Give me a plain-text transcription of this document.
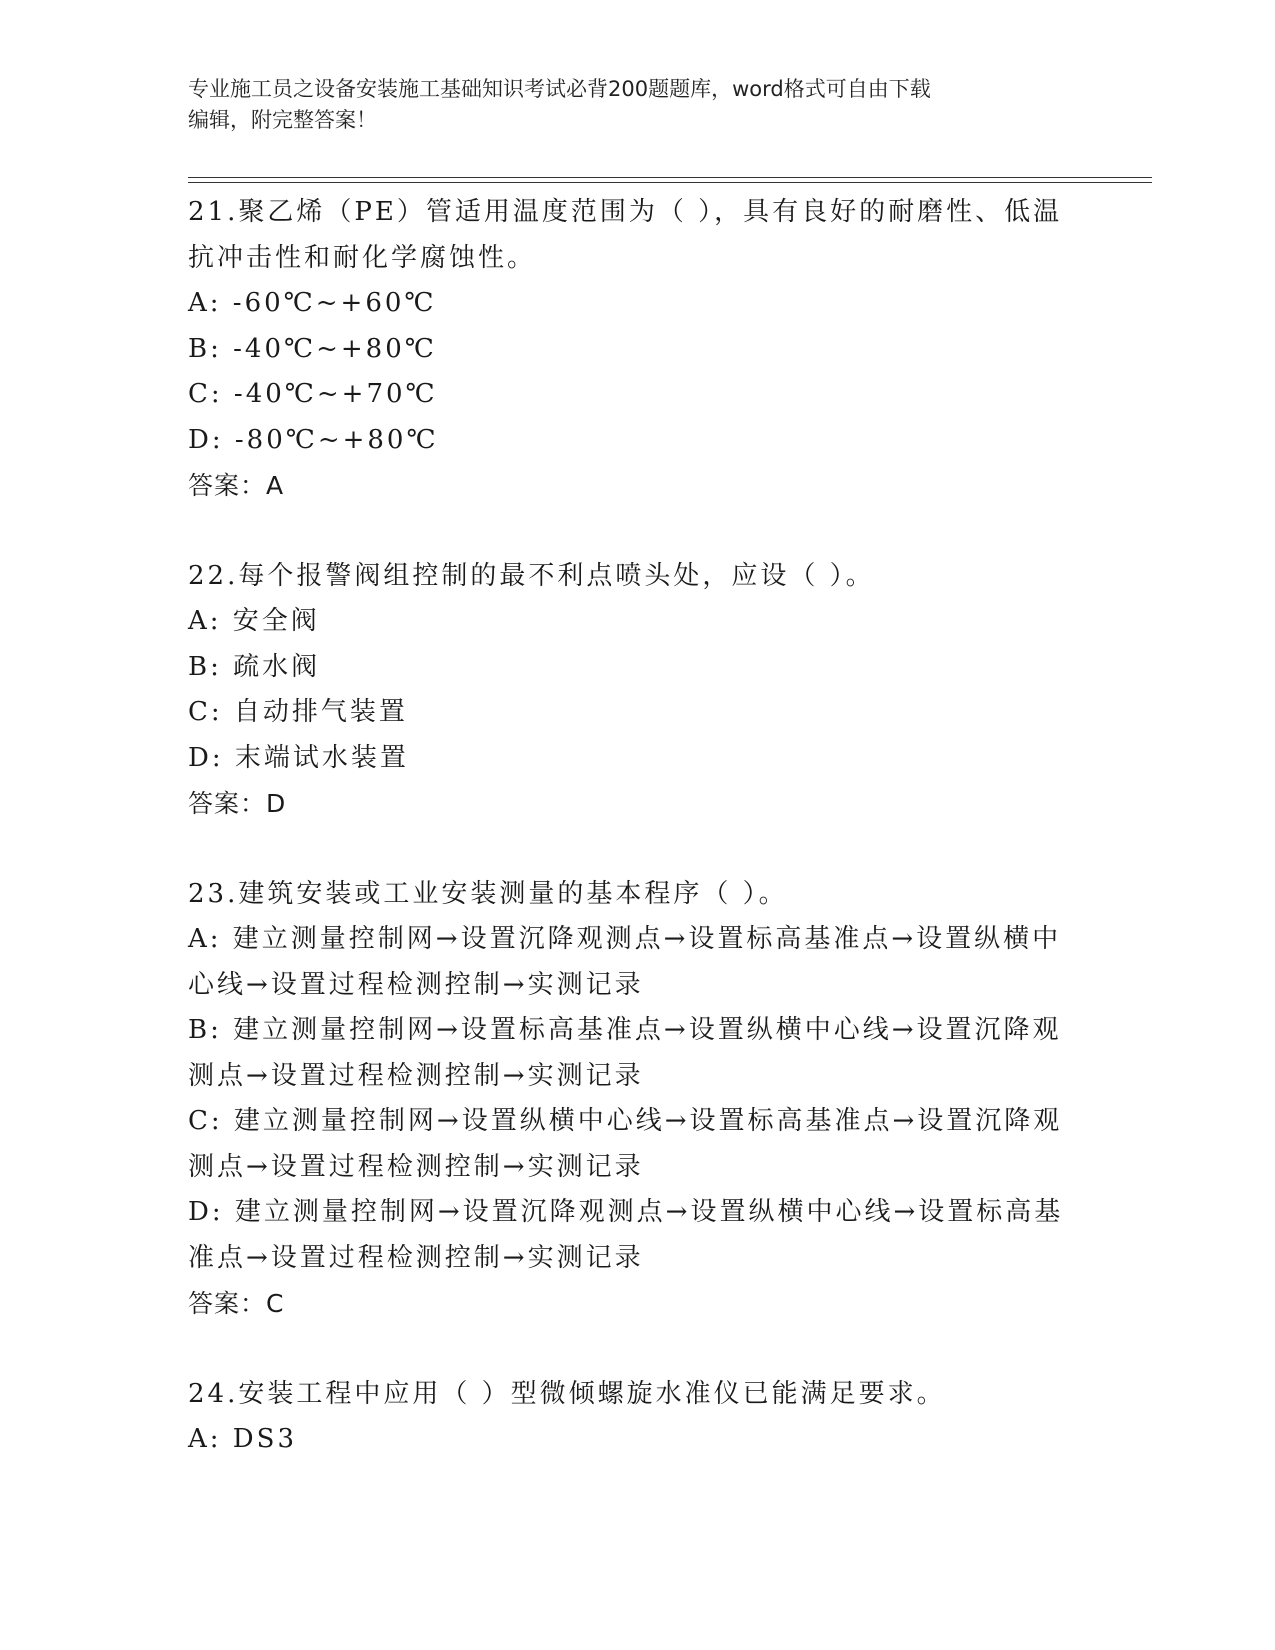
专业施工员之设备安装施工基础知识考试必背200题题库，word格式可自由下载
编辑，附完整答案！
21.聚乙烯（PE）管适用温度范围为（ ），具有良好的耐磨性、低温
抗冲击性和耐化学腐蚀性。
A: -60℃~+60℃
B: -40℃~+80℃
C: -40℃~+70℃
D: -80℃~+80℃
答案：A
22.每个报警阀组控制的最不利点喷头处，应设（ ）。
A: 安全阀
B: 疏水阀
C: 自动排气装置
D: 末端试水装置
答案：D
23.建筑安装或工业安装测量的基本程序（ ）。
A: 建立测量控制网→设置沉降观测点→设置标高基准点→设置纵横中
心线→设置过程检测控制→实测记录
B: 建立测量控制网→设置标高基准点→设置纵横中心线→设置沉降观
测点→设置过程检测控制→实测记录
C: 建立测量控制网→设置纵横中心线→设置标高基准点→设置沉降观
测点→设置过程检测控制→实测记录
D: 建立测量控制网→设置沉降观测点→设置纵横中心线→设置标高基
准点→设置过程检测控制→实测记录
答案：C
24.安装工程中应用（ ）型微倾螺旋水准仪已能满足要求。
A: DS3
